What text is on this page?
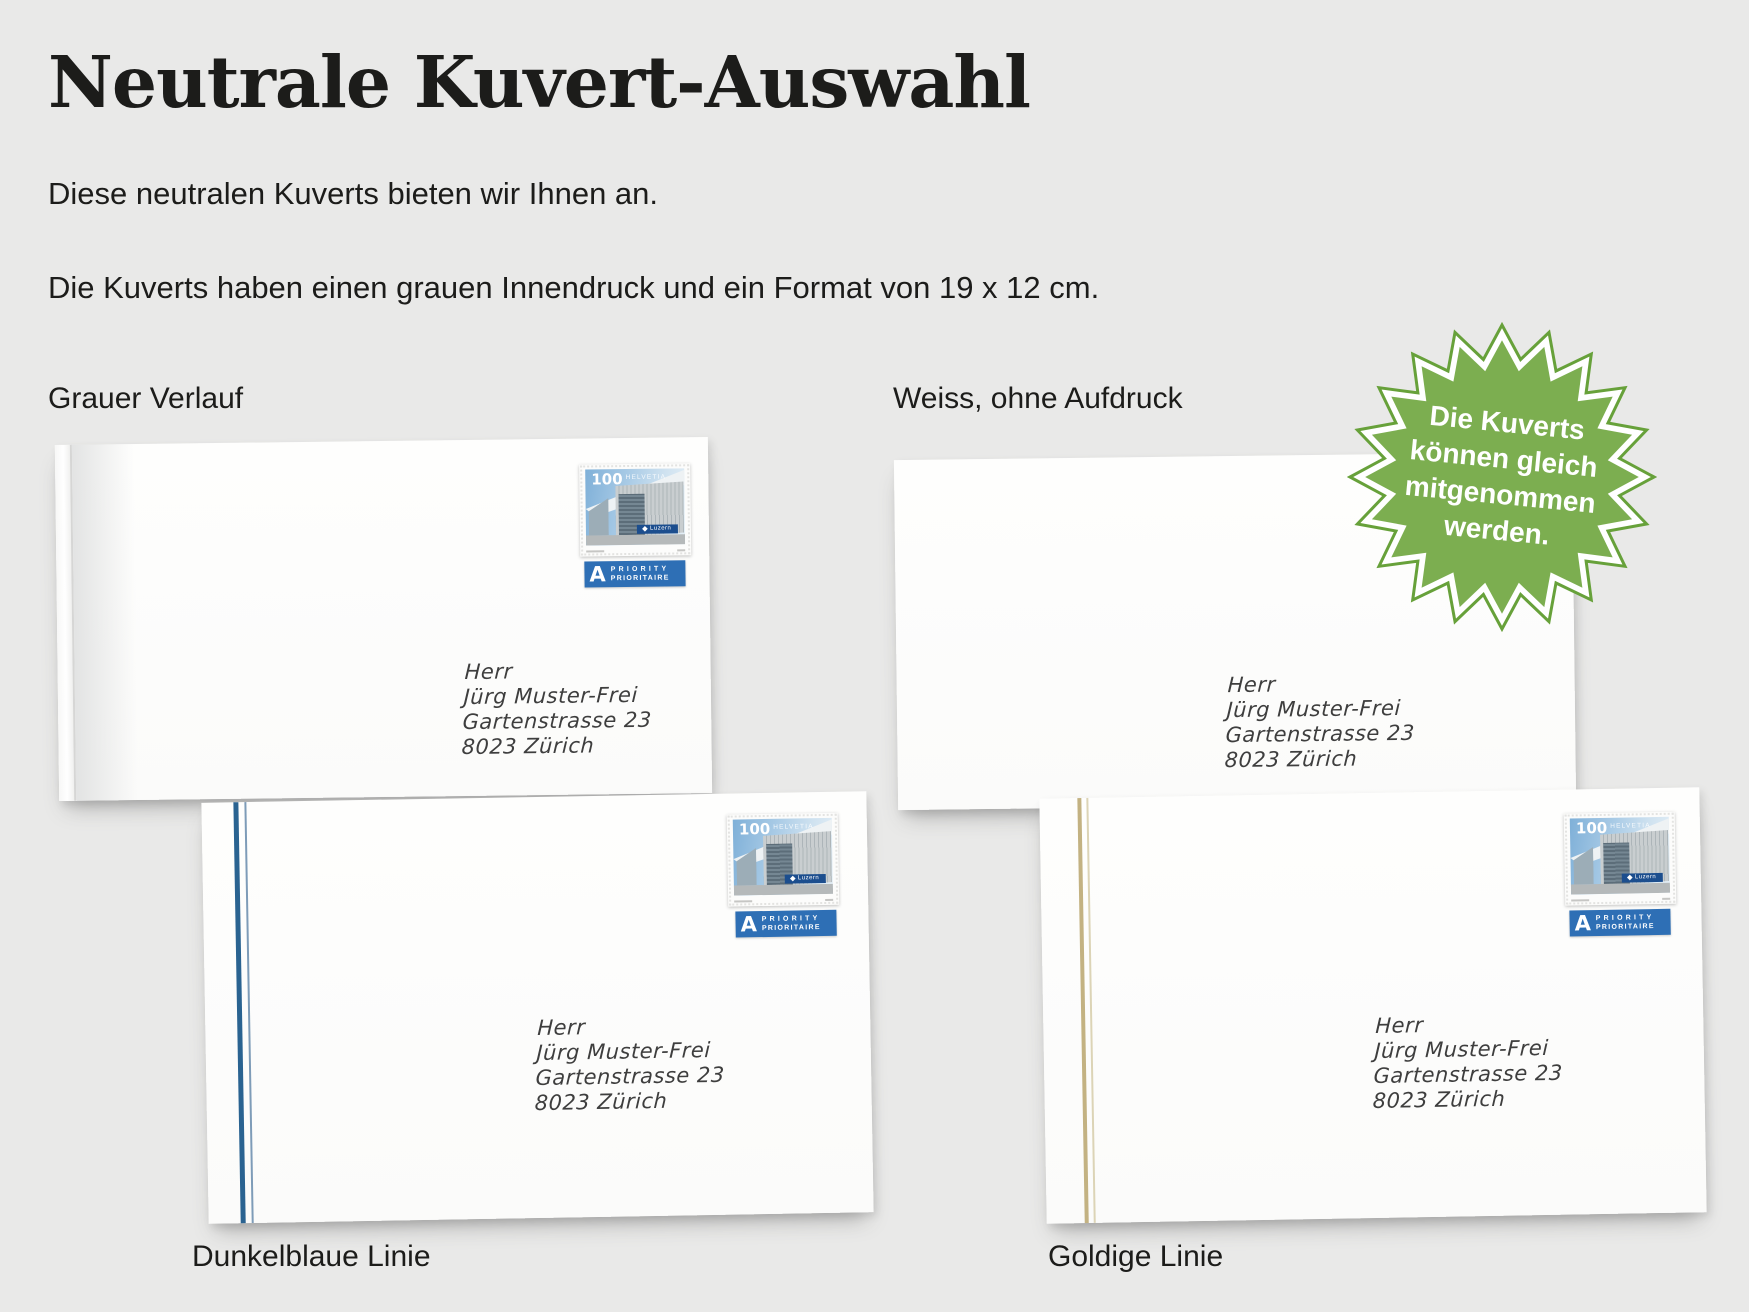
Neutrale Kuvert-Auswahl
Diese neutralen Kuverts bieten wir Ihnen an.

Die Kuverts haben einen grauen Innendruck und ein Format von 19 x 12 cm.
Grauer Verlauf	Weiss, ohne Aufdruck
100 HELVETIA
Luzern
A PRIORITY
PRIORITAIRE
Herr
Jürg Muster-Frei
Gartenstrasse 23
8023 Zürich
Herr
Jürg Muster-Frei
Gartenstrasse 23
8023 Zürich
100 HELVETIA
Luzern
A PRIORITY
PRIORITAIRE
Herr
Jürg Muster-Frei
Gartenstrasse 23
8023 Zürich
100 HELVETIA
Luzern
A PRIORITY
PRIORITAIRE
Herr
Jürg Muster-Frei
Gartenstrasse 23
8023 Zürich
Dunkelblaue Linie	Goldige Linie
Die Kuverts
können gleich
mitgenommen
werden.
